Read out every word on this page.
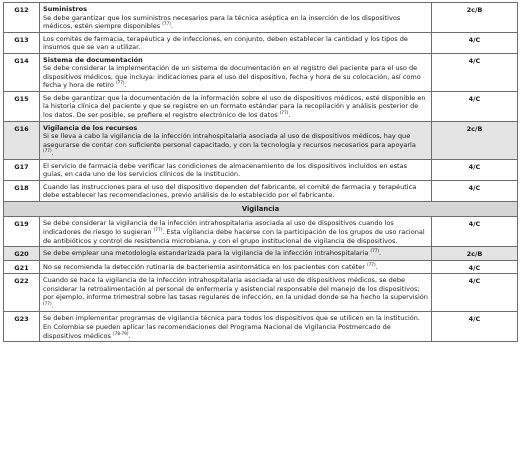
G12	Suministros
Se debe garantizar que los suministros necesarios para la técnica aséptica en la inserción de los dispositivos médicos, estén siempre disponibles $^{(77)}$.	2c/B
G13	Los comités de farmacia, terapéutica y de infecciones, en conjunto, deben establecer la cantidad y los tipos de insumos que se van a utilizar.	4/C
G14	Sistema de documentación
Se debe considerar la implementación de un sistema de documentación en el registro del paciente para el uso de dispositivos médicos, que incluya: indicaciones para el uso del dispositivo, fecha y hora de su colocación, así como fecha y hora de retiro $^{(77)}$.	4/C
G15	Se debe garantizar que la documentación de la información sobre el uso de dispositivos médicos, esté disponible en la historia clínica del paciente y que se registre en un formato estándar para la recopilación y análisis posterior de los datos. De ser posible, se prefiere el registro electrónico de los datos $^{(77)}$.	4/C
G16	Vigilancia de los recursos
Si se lleva a cabo la vigilancia de la infección intrahospitalaria asociada al uso de dispositivos médicos, hay que asegurarse de contar con suficiente personal capacitado, y con la tecnología y recursos necesarios para apoyarla $^{(77)}$.	2c/B
G17	El servicio de farmacia debe verificar las condiciones de almacenamiento de los dispositivos incluidos en estas guías, en cada uno de los servicios clínicos de la institución.	4/C
G18	Cuando las instrucciones para el uso del dispositivo dependen del fabricante, el comité de farmacia y terapéutica debe establecer las recomendaciones, previo análisis de lo establecido por el fabricante.	4/C
Vigilancia		
G19	Se debe considerar la vigilancia de la infección intrahospitalaria asociada al uso de dispositivos cuando los indicadores de riesgo lo sugieran $^{(77)}$. Esta vigilancia debe hacerse con la participación de los grupos de uso racional de antibióticos y control de resistencia microbiana, y con el grupo institucional de vigilancia de dispositivos.	4/C
G20	Se debe emplear una metodología estandarizada para la vigilancia de la infección intrahospitalaria $^{(77)}$.	2c/B
G21	No se recomienda la detección rutinaria de bacteriemia asintomática en los pacientes con catéter $^{(77)}$.	4/C
G22	Cuando se hace la vigilancia de la infección intrahospitalaria asociada al uso de dispositivos médicos, se debe considerar la retroalimentación al personal de enfermería y asistencial responsable del manejo de los dispositivos; por ejemplo, informe trimestral sobre las tasas regulares de infección, en la unidad donde se ha hecho la supervisión $^{(77)}$.	4/C
G23	Se deben implementar programas de vigilancia técnica para todos los dispositivos que se utilicen en la institución. En Colombia se pueden aplicar las recomendaciones del Programa Nacional de Vigilancia Postmercado de dispositivos médicos $^{(78-79)}$.	4/C
